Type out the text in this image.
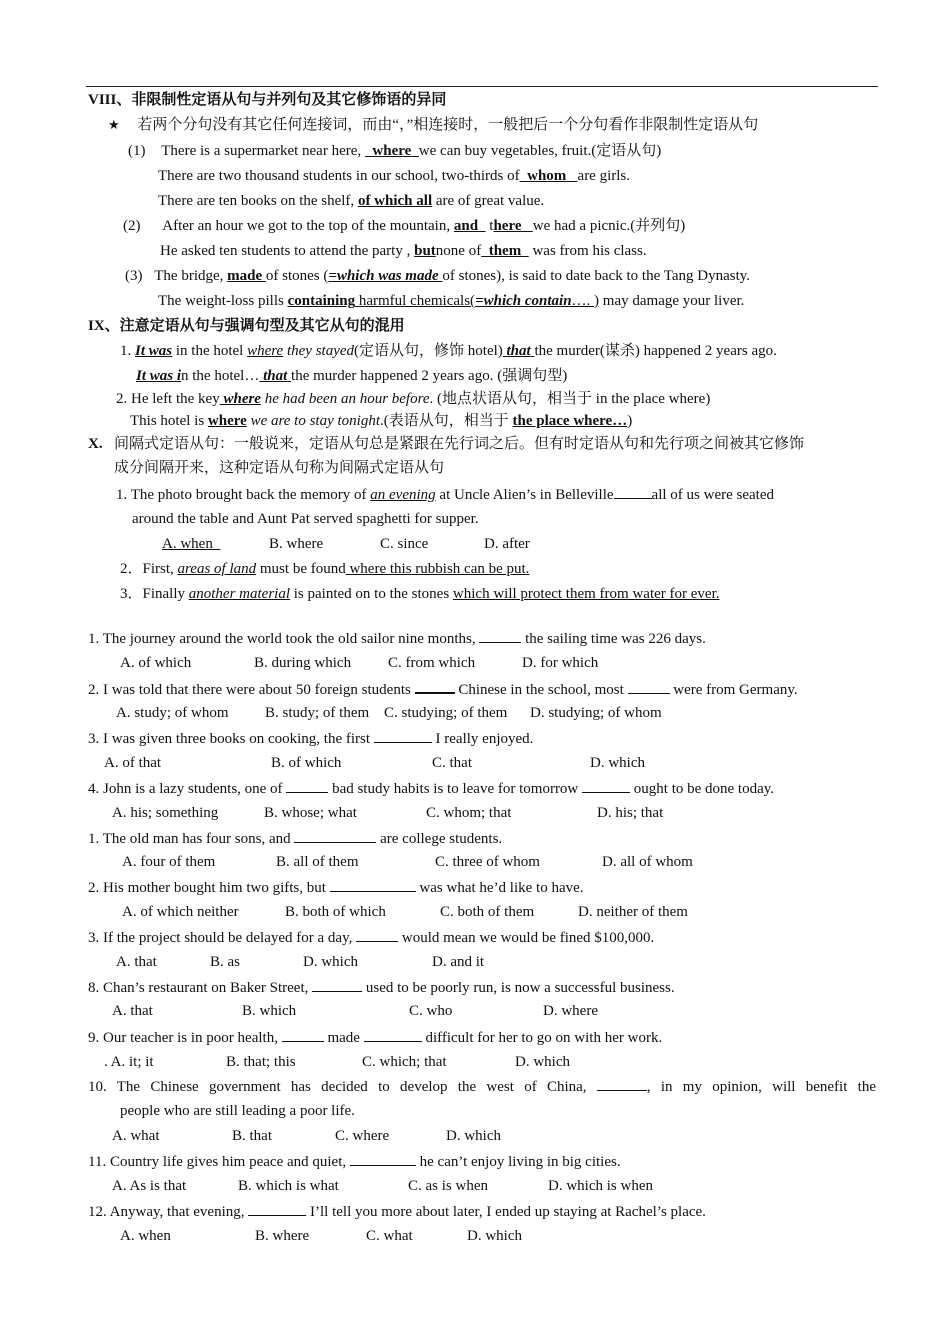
VIII、非限制性定语从句与并列句及其它修饰语的异同
★ 若两个分句没有其它任何连接词，而由“，”相连接时，一般把后一个分句看作非限制性定语从句
(1) There is a supermarket near here, where we can buy vegetables, fruit.(定语从句)
There are two thousand students in our school, two-thirds of whom are girls.
There are ten books on the shelf, of which all are of great value.
(2) After an hour we got to the top of the mountain, and there we had a picnic.(并列句)
He asked ten students to attend the party , butnone of them was from his class.
(3) The bridge, made of stones (=which was made of stones), is said to date back to the Tang Dynasty.
The weight-loss pills containing harmful chemicals(=which contain…. ) may damage your liver.
IX、注意定语从句与强调句型及其它从句的混用
1. It was in the hotel where they stayed(定语从句，修饰 hotel) that the murder(谋杀) happened 2 years ago.
It was in the hotel… that the murder happened 2 years ago. (强调句型)
2. He left the key where he had been an hour before. (地点状语从句，相当于 in the place where)
This hotel is where we are to stay tonight.(表语从句，相当于 the place where…)
X. 间隔式定语从句：一般说来，定语从句总是紧跟在先行词之后。但有时定语从句和先行项之间被其它修饰
成分间隔开来，这种定语从句称为间隔式定语从句
1. The photo brought back the memory of an evening at Uncle Alien’s in Belleville	all of us were seated
around the table and Aunt Pat served spaghetti for supper.
A. when	B. where	C. since	D. after
2．First, areas of land must be found where this rubbish can be put.
3．Finally another material is painted on to the stones which will protect them from water for ever.
1. The journey around the world took the old sailor nine months,	the sailing time was 226 days.
A. of which	B. during which C. from which	D. for which
2. I was told that there were about 50 foreign students	Chinese in the school, most	were from Germany.
A. study; of whom B. study; of them C. studying; of them D. studying; of whom
3. I was given three books on cooking, the first	I really enjoyed.
A. of that	B. of which	C. that	D. which
4. John is a lazy students, one of	bad study habits is to leave for tomorrow	ought to be done today.
A. his; something	B. whose; what	C. whom; that	D. his; that
1. The old man has four sons, and	are college students.
A. four of them	B. all of them	C. three of whom	D. all of whom
2. His mother bought him two gifts, but	was what he’d like to have.
A. of which neither	B. both of which	C. both of them	D. neither of them
3. If the project should be delayed for a day,	would mean we would be fined $100,000.
A. that	B. as	D. which	D. and it
8. Chan’s restaurant on Baker Street,	used to be poorly run, is now a successful business.
A. that	B. which	C. who	D. where
9. Our teacher is in poor health,	made	difficult for her to go on with her work.
. A. it; it	B. that; this	C. which; that	D. which
10. The Chinese government has decided to develop the west of China,	, in my opinion, will benefit the
people who are still leading a poor life.
A. what	B. that	C. where	D. which
11. Country life gives him peace and quiet,	he can’t enjoy living in big cities.
A. As is that	B. which is what	C. as is when	D. which is when
12. Anyway, that evening,	I’ll tell you more about later, I ended up staying at Rachel’s place.
A. when	B. where	C. what	D. which
